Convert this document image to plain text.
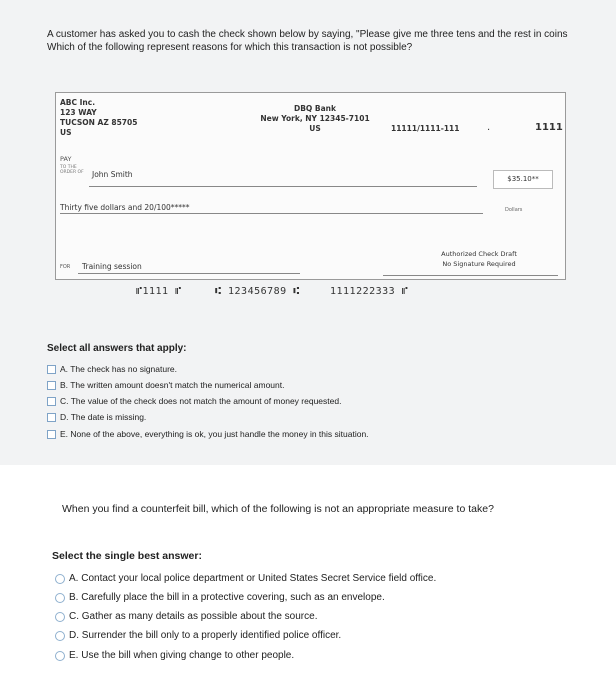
A customer has asked you to cash the check shown below by saying, "Please give me three tens and the rest in coins
Which of the following represent reasons for which this transaction is not possible?
ABC Inc.
123 WAY
TUCSON AZ 85705
US
DBQ Bank
New York, NY 12345-7101
US	11111/1111-111	.	1111
PAY
TO THE ORDER OF	John Smith	$35.10**
Thirty five dollars and 20/100*****	Dollars
FOR Training session
Authorized Check Draft
No Signature Required
⑈1111 ⑈	⑆ 123456789 ⑆	1111222333 ⑈
Select all answers that apply:
A. The check has no signature.
B. The written amount doesn't match the numerical amount.
C. The value of the check does not match the amount of money requested.
D. The date is missing.
E. None of the above, everything is ok, you just handle the money in this situation.
When you find a counterfeit bill, which of the following is not an appropriate measure to take?
Select the single best answer:
A. Contact your local police department or United States Secret Service field office.
B. Carefully place the bill in a protective covering, such as an envelope.
C. Gather as many details as possible about the source.
D. Surrender the bill only to a properly identified police officer.
E. Use the bill when giving change to other people.
